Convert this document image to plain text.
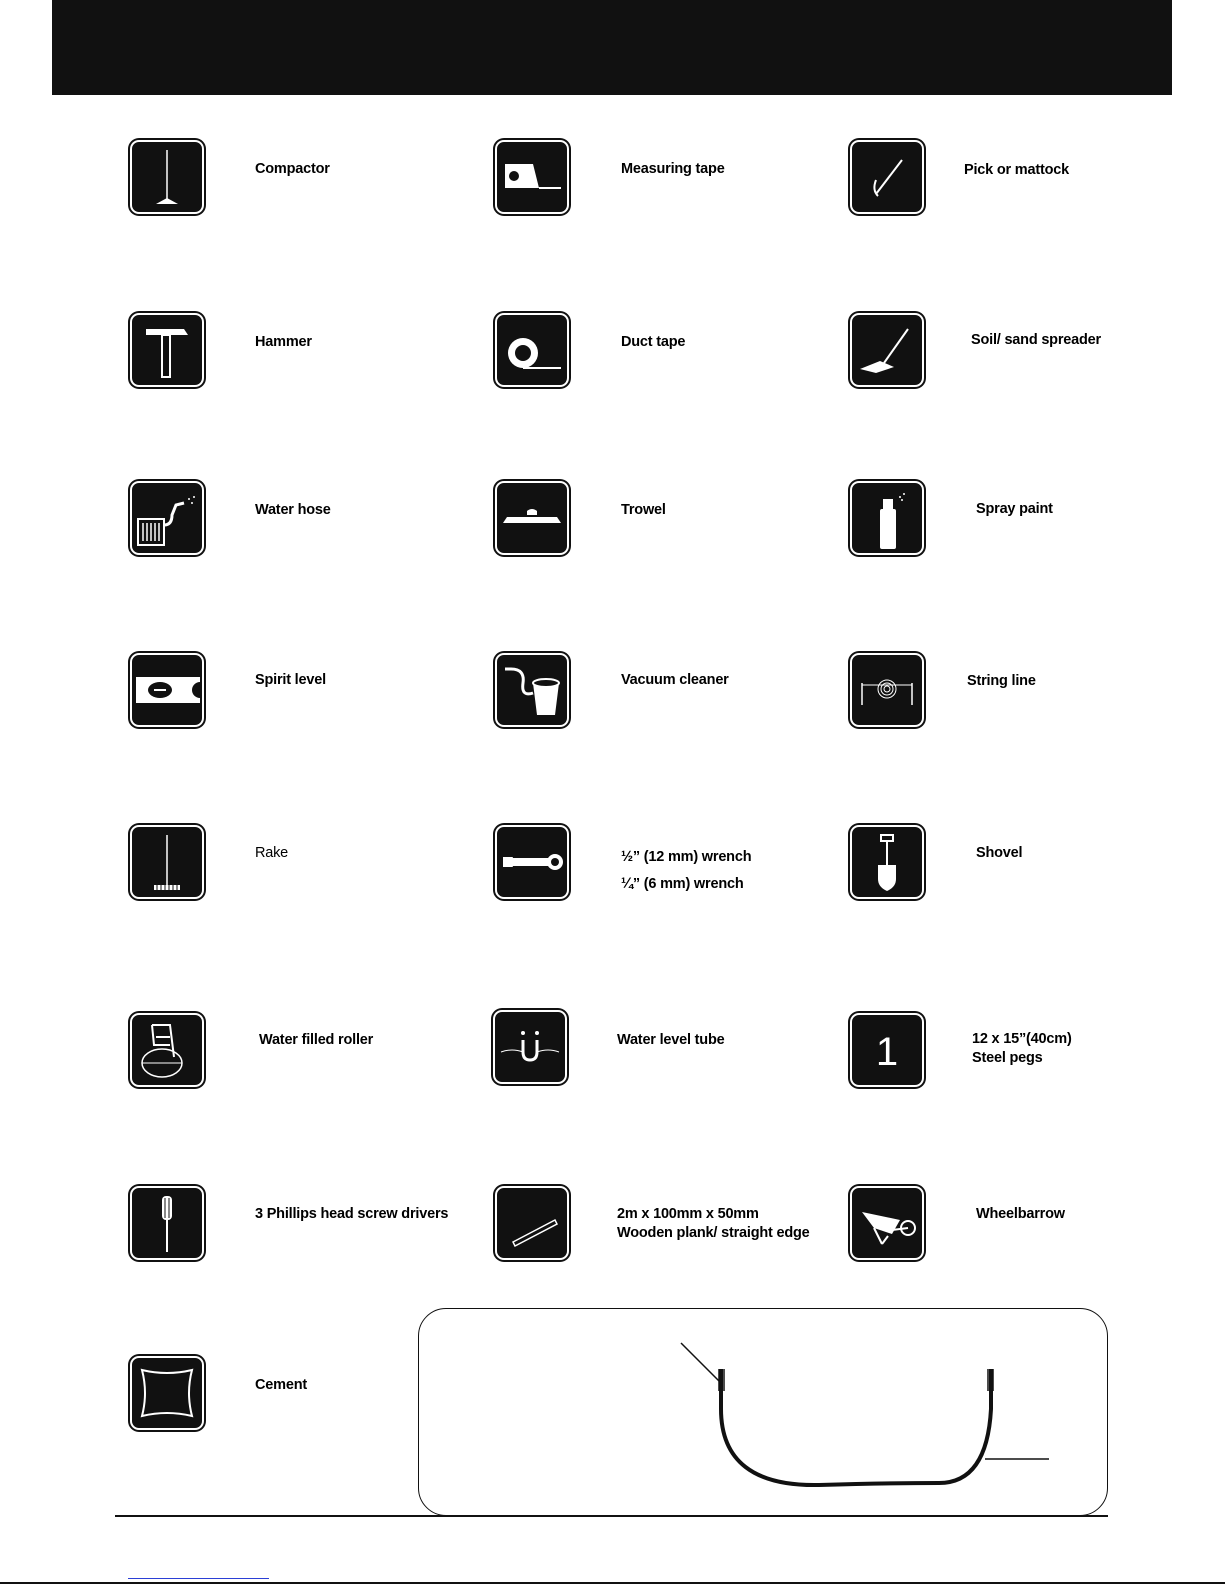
Compactor	Measuring tape	Pick or mattock
Hammer	Duct tape	Soil/ sand spreader
Water hose	Trowel	Spray paint
Spirit level	Vacuum cleaner	String line
Rake	½” (12 mm) wrench
¼” (6 mm) wrench
Shovel
Water filled roller	Water level tube	1	12 x 15”(40cm)
Steel pegs
3 Phillips head screw drivers	2m x 100mm x 50mm
Wooden plank/ straight edge
Wheelbarrow
Cement
